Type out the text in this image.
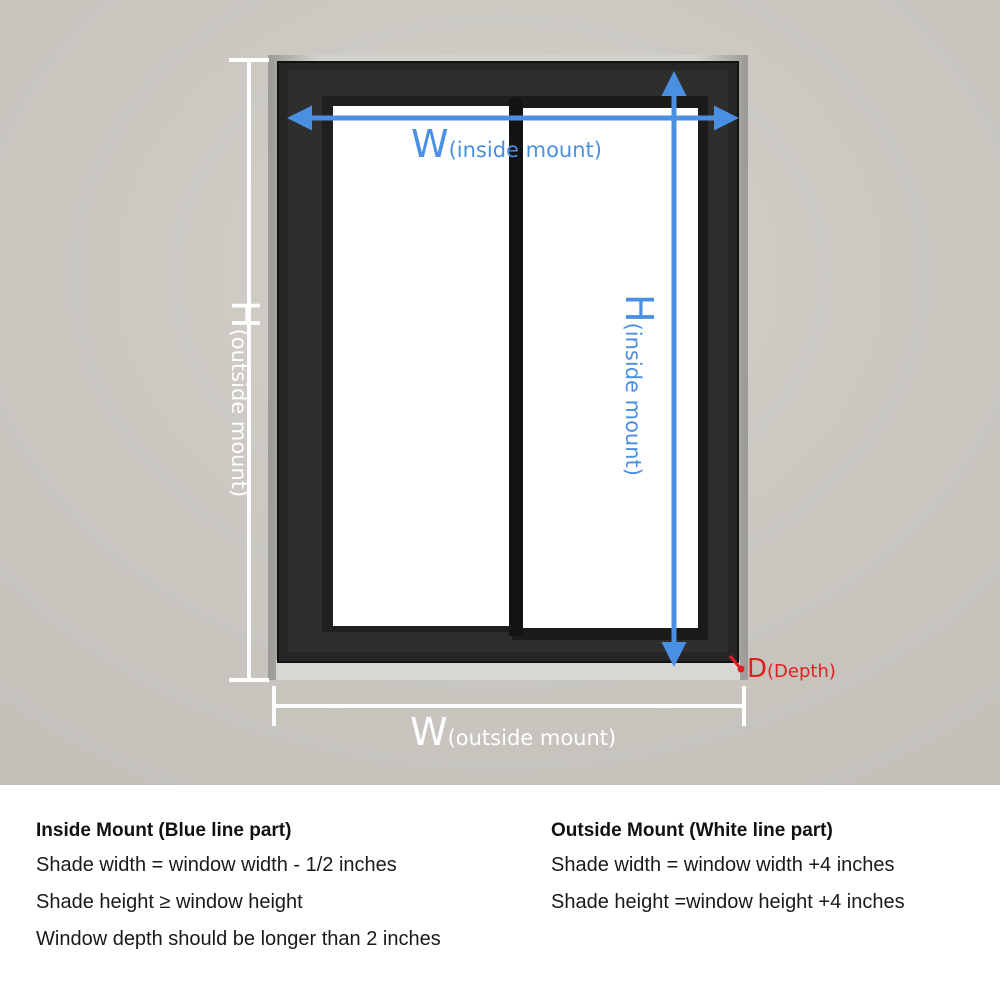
W(inside mount)
H(inside mount)
H(outside mount)
W(outside mount)
D(Depth)
Inside Mount (Blue line part)

Shade width = window width - 1/2 inches

Shade height ≥ window height

Window depth should be longer than 2 inches

Outside Mount (White line part)

Shade width = window width +4 inches

Shade height =window height +4 inches
